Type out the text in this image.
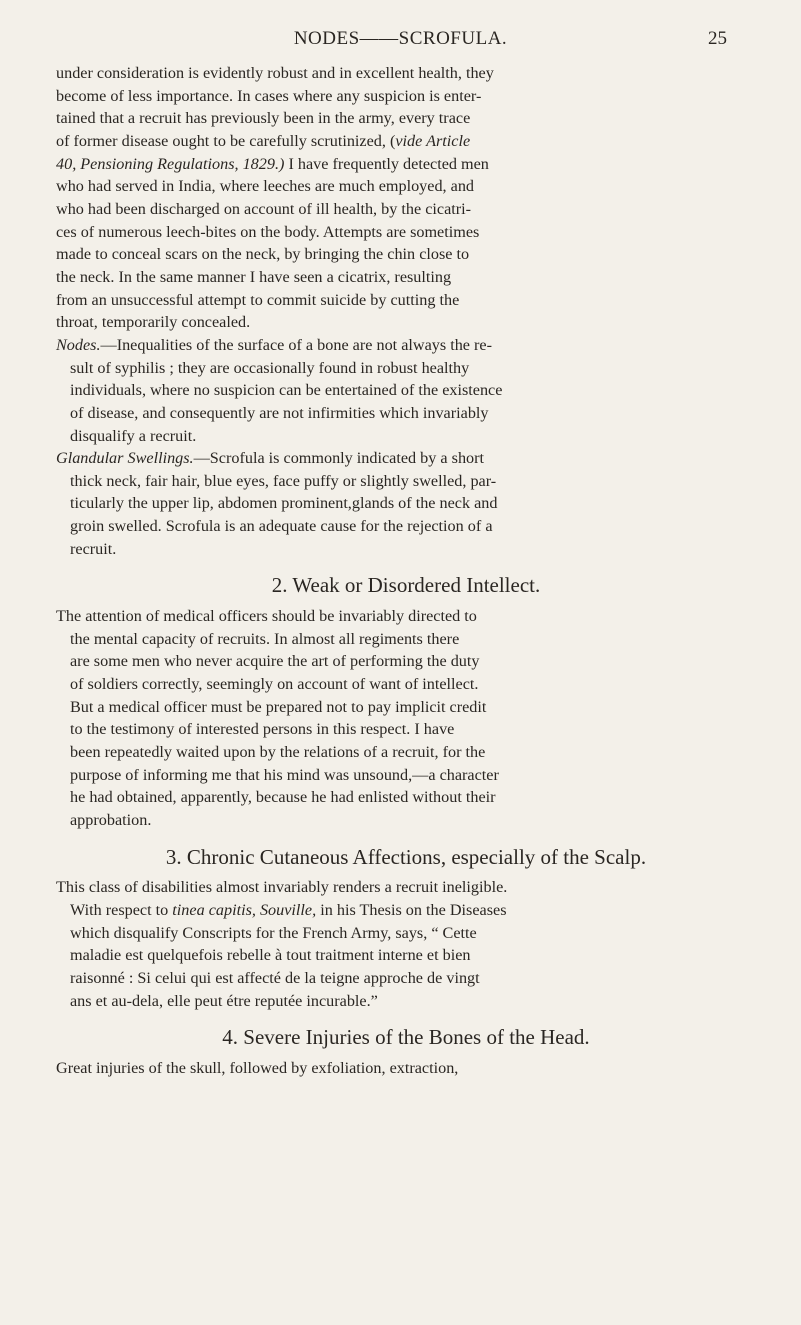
NODES——SCROFULA.	25
under consideration is evidently robust and in excellent health, they
become of less importance. In cases where any suspicion is enter-
tained that a recruit has previously been in the army, every trace
of former disease ought to be carefully scrutinized, (vide Article
40, Pensioning Regulations, 1829.) I have frequently detected men
who had served in India, where leeches are much employed, and
who had been discharged on account of ill health, by the cicatri-
ces of numerous leech-bites on the body. Attempts are sometimes
made to conceal scars on the neck, by bringing the chin close to
the neck. In the same manner I have seen a cicatrix, resulting
from an unsuccessful attempt to commit suicide by cutting the
throat, temporarily concealed.
Nodes.—Inequalities of the surface of a bone are not always the re-
sult of syphilis ; they are occasionally found in robust healthy
individuals, where no suspicion can be entertained of the existence
of disease, and consequently are not infirmities which invariably
disqualify a recruit.
Glandular Swellings.—Scrofula is commonly indicated by a short
thick neck, fair hair, blue eyes, face puffy or slightly swelled, par-
ticularly the upper lip, abdomen prominent,glands of the neck and
groin swelled. Scrofula is an adequate cause for the rejection of a
recruit.
2. Weak or Disordered Intellect.
The attention of medical officers should be invariably directed to
the mental capacity of recruits. In almost all regiments there
are some men who never acquire the art of performing the duty
of soldiers correctly, seemingly on account of want of intellect.
But a medical officer must be prepared not to pay implicit credit
to the testimony of interested persons in this respect. I have
been repeatedly waited upon by the relations of a recruit, for the
purpose of informing me that his mind was unsound,—a character
he had obtained, apparently, because he had enlisted without their
approbation.
3. Chronic Cutaneous Affections, especially of the Scalp.
This class of disabilities almost invariably renders a recruit ineligible.
With respect to tinea capitis, Souville, in his Thesis on the Diseases
which disqualify Conscripts for the French Army, says, “ Cette
maladie est quelquefois rebelle à tout traitment interne et bien
raisonné : Si celui qui est affecté de la teigne approche de vingt
ans et au-dela, elle peut étre reputée incurable.”
4. Severe Injuries of the Bones of the Head.
Great injuries of the skull, followed by exfoliation, extraction,
